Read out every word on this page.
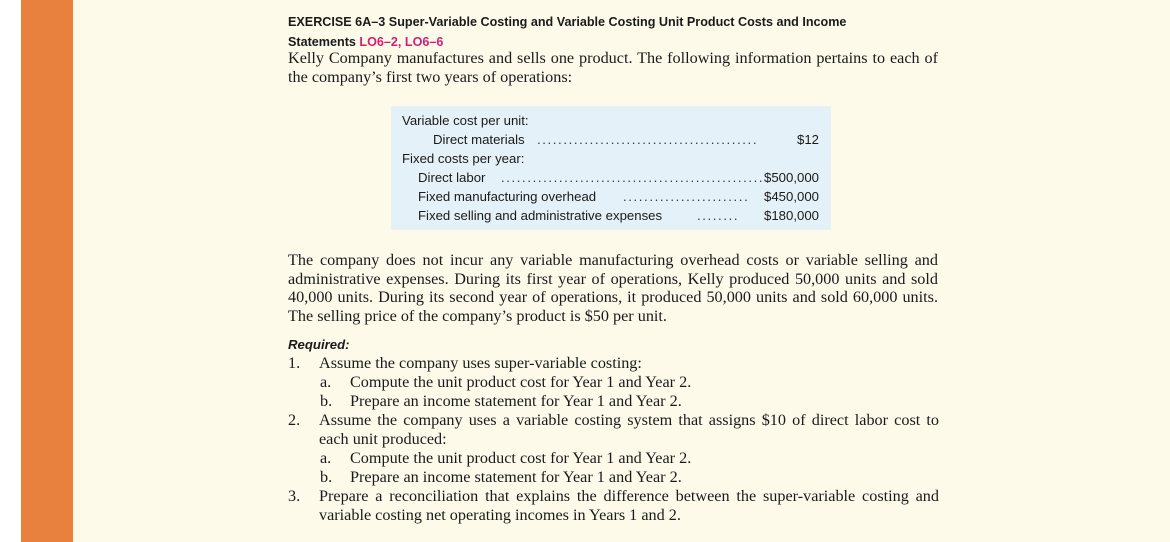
EXERCISE 6A–3 Super-Variable Costing and Variable Costing Unit Product Costs and Income
Statements LO6–2, LO6–6
Kelly Company manufactures and sells one product. The following information pertains to each of the company’s first two years of operations:
Variable cost per unit:
Direct materials ..........................................	$12
Fixed costs per year:
Direct labor .................................................. $500,000
Fixed manufacturing overhead ........................ $450,000
Fixed selling and administrative expenses	........ $180,000
The company does not incur any variable manufacturing overhead costs or variable selling and administrative expenses. During its first year of operations, Kelly produced 50,000 units and sold 40,000 units. During its second year of operations, it produced 50,000 units and sold 60,000 units. The selling price of the company’s product is $50 per unit.
Required:
1. Assume the company uses super-variable costing:
a. Compute the unit product cost for Year 1 and Year 2.
b. Prepare an income statement for Year 1 and Year 2.
2. Assume the company uses a variable costing system that assigns $10 of direct labor cost to each unit produced:
a. Compute the unit product cost for Year 1 and Year 2.
b. Prepare an income statement for Year 1 and Year 2.
3. Prepare a reconciliation that explains the difference between the super-variable costing and variable costing net operating incomes in Years 1 and 2.
